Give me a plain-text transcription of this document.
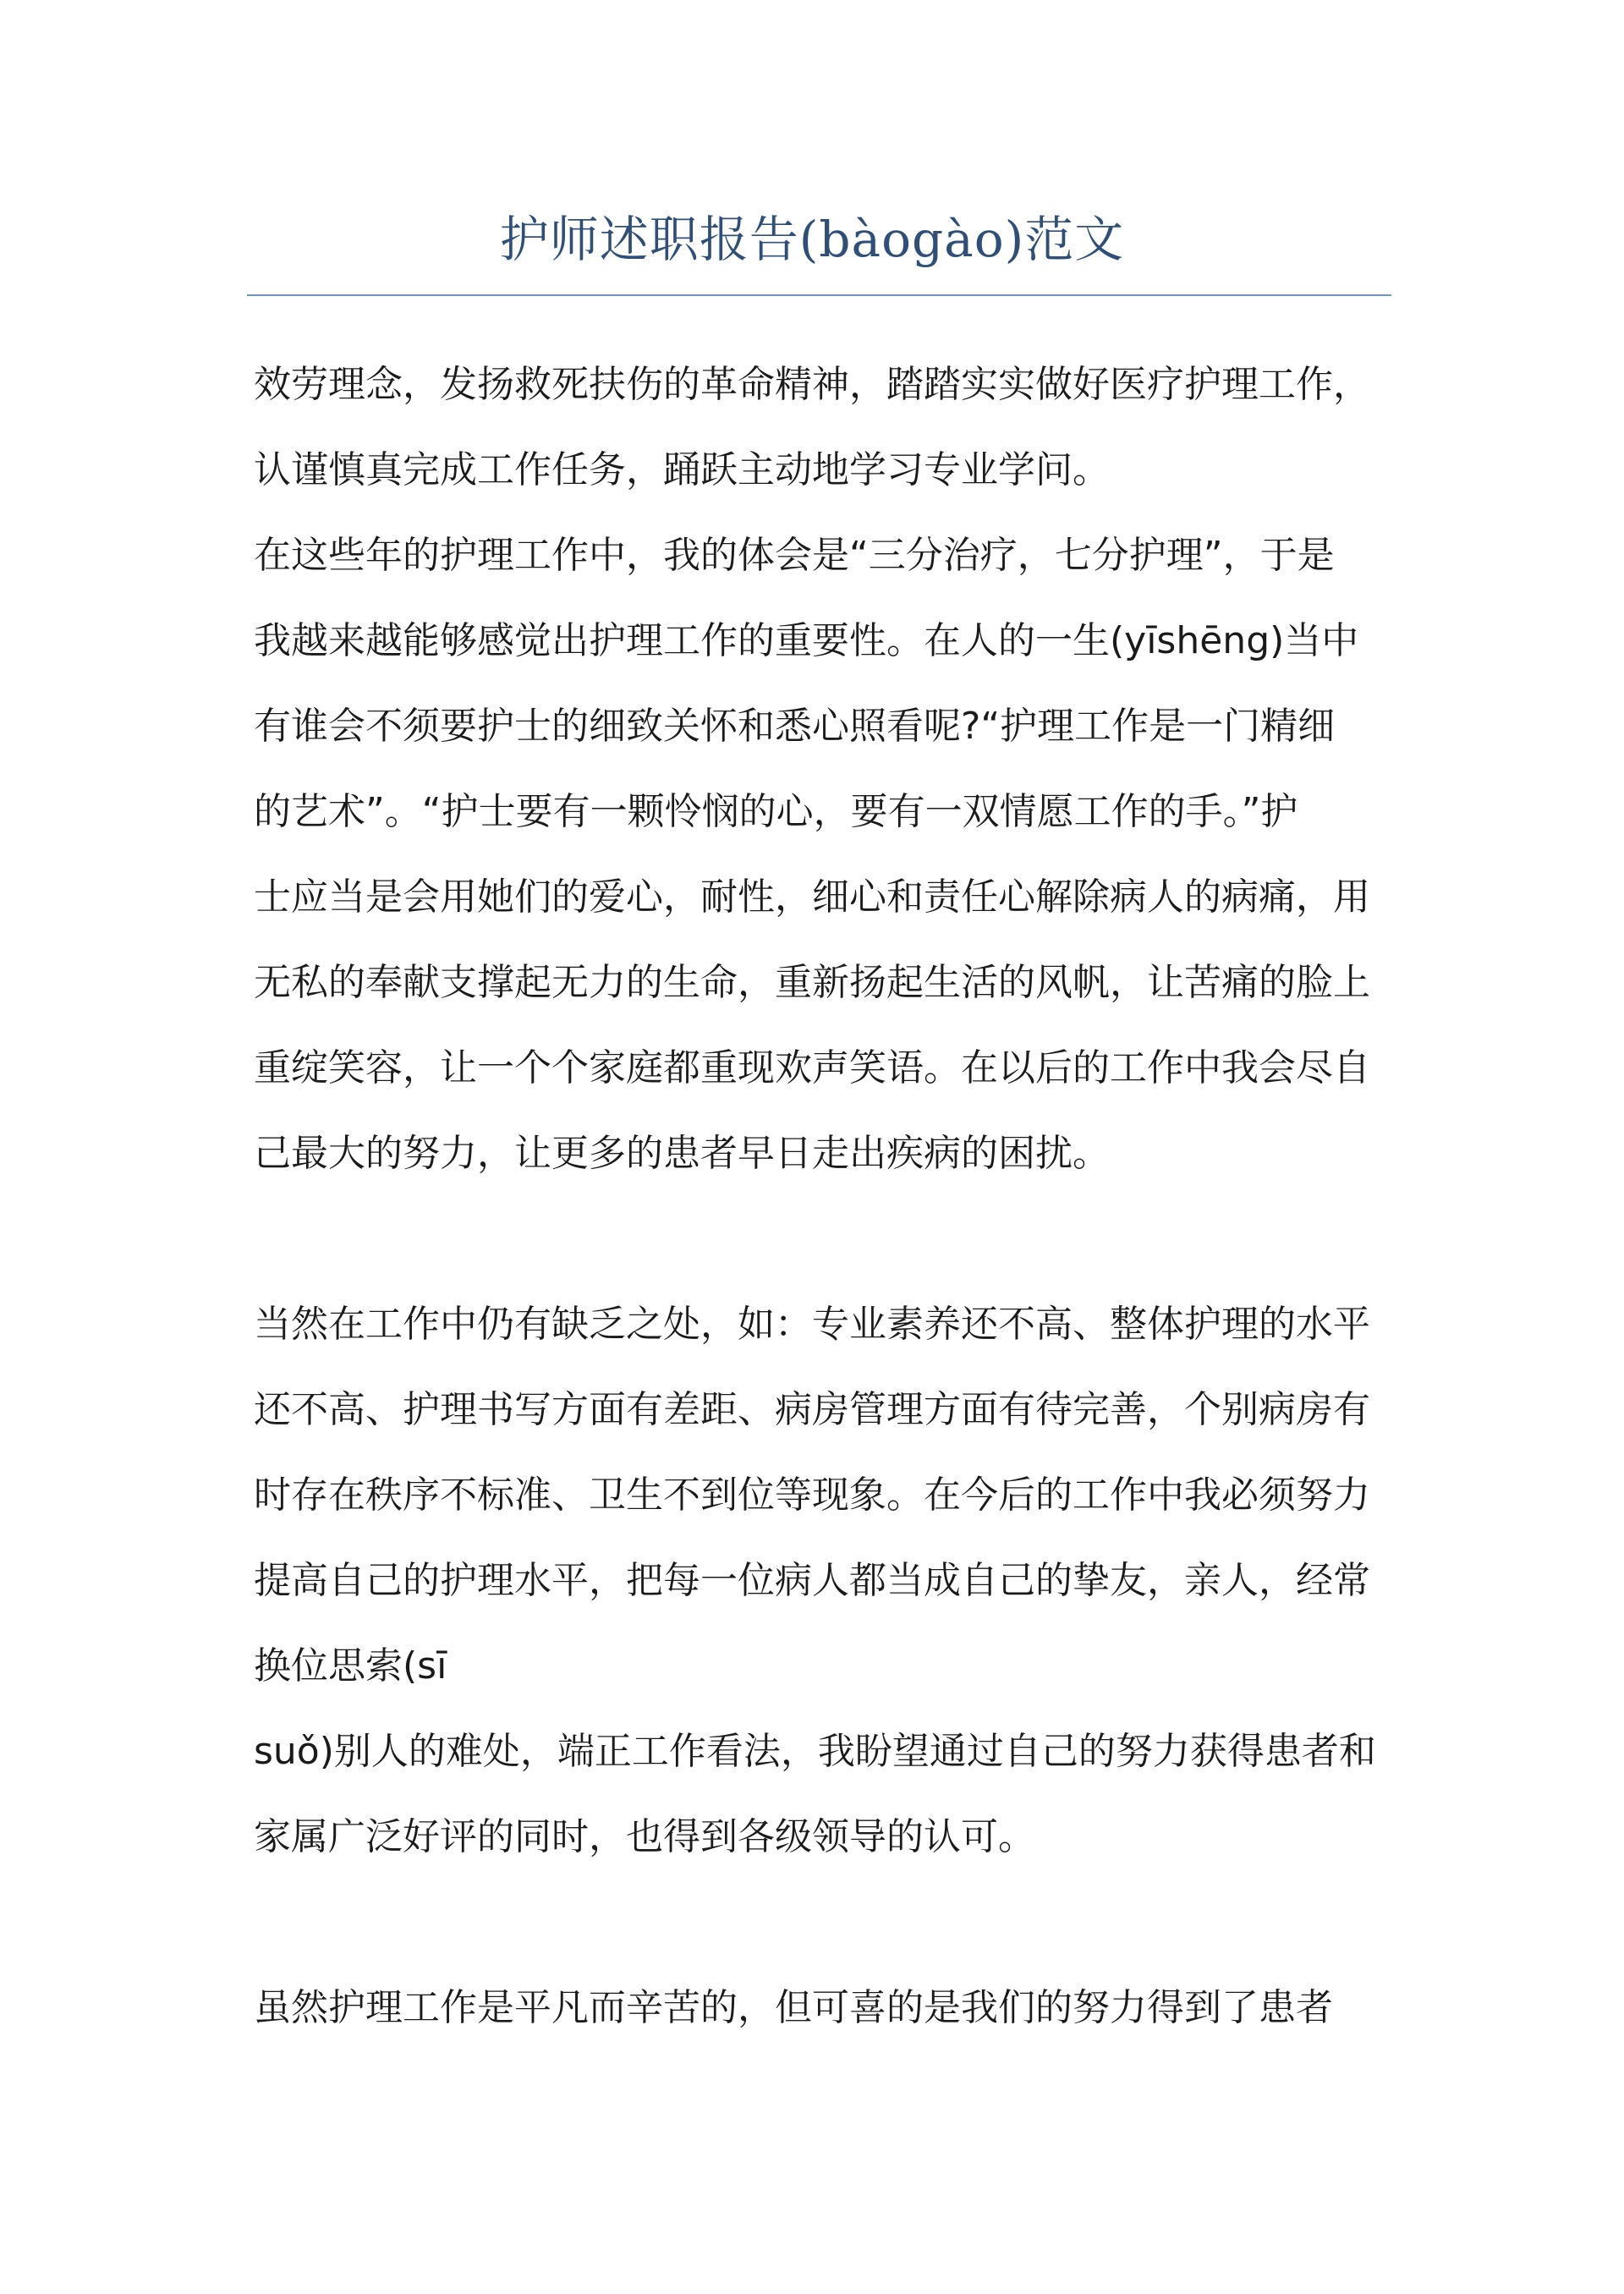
护师述职报告(bàogào)范文
效劳理念，发扬救死扶伤的革命精神，踏踏实实做好医疗护理工作，
认谨慎真完成工作任务，踊跃主动地学习专业学问。
在这些年的护理工作中，我的体会是“三分治疗，七分护理”，于是
我越来越能够感觉出护理工作的重要性。在人的一生(yīshēng)当中
有谁会不须要护士的细致关怀和悉心照看呢?“护理工作是一门精细
的艺术”。“护士要有一颗怜悯的心，要有一双情愿工作的手。”护
士应当是会用她们的爱心，耐性，细心和责任心解除病人的病痛，用
无私的奉献支撑起无力的生命，重新扬起生活的风帆，让苦痛的脸上
重绽笑容，让一个个家庭都重现欢声笑语。在以后的工作中我会尽自
己最大的努力，让更多的患者早日走出疾病的困扰。
当然在工作中仍有缺乏之处，如：专业素养还不高、整体护理的水平
还不高、护理书写方面有差距、病房管理方面有待完善，个别病房有
时存在秩序不标准、卫生不到位等现象。在今后的工作中我必须努力
提高自己的护理水平，把每一位病人都当成自己的挚友，亲人，经常
换位思索(sī
suǒ)别人的难处，端正工作看法，我盼望通过自己的努力获得患者和
家属广泛好评的同时，也得到各级领导的认可。
虽然护理工作是平凡而辛苦的，但可喜的是我们的努力得到了患者
